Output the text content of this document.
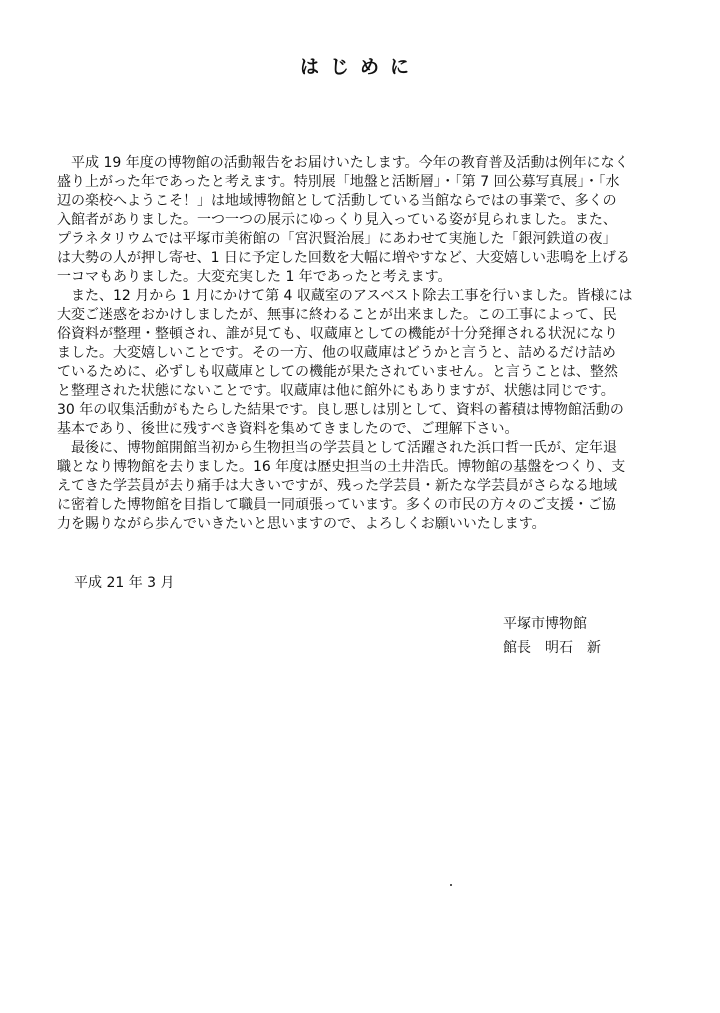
はじめに

　平成 19 年度の博物館の活動報告をお届けいたします。今年の教育普及活動は例年になく
盛り上がった年であったと考えます。特別展「地盤と活断層」・「第 7 回公募写真展」・「水
辺の楽校へようこそ！」は地域博物館として活動している当館ならではの事業で、多くの
入館者がありました。一つ一つの展示にゆっくり見入っている姿が見られました。また、
プラネタリウムでは平塚市美術館の「宮沢賢治展」にあわせて実施した「銀河鉄道の夜」
は大勢の人が押し寄せ、1 日に予定した回数を大幅に増やすなど、大変嬉しい悲鳴を上げる
一コマもありました。大変充実した 1 年であったと考えます。

　また、12 月から 1 月にかけて第 4 収蔵室のアスベスト除去工事を行いました。皆様には
大変ご迷惑をおかけしましたが、無事に終わることが出来ました。この工事によって、民
俗資料が整理・整頓され、誰が見ても、収蔵庫としての機能が十分発揮される状況になり
ました。大変嬉しいことです。その一方、他の収蔵庫はどうかと言うと、詰めるだけ詰め
ているために、必ずしも収蔵庫としての機能が果たされていません。と言うことは、整然
と整理された状態にないことです。収蔵庫は他に館外にもありますが、状態は同じです。
30 年の収集活動がもたらした結果です。良し悪しは別として、資料の蓄積は博物館活動の
基本であり、後世に残すべき資料を集めてきましたので、ご理解下さい。

　最後に、博物館開館当初から生物担当の学芸員として活躍された浜口哲一氏が、定年退
職となり博物館を去りました。16 年度は歴史担当の土井浩氏。博物館の基盤をつくり、支
えてきた学芸員が去り痛手は大きいですが、残った学芸員・新たな学芸員がさらなる地域
に密着した博物館を目指して職員一同頑張っています。多くの市民の方々のご支援・ご協
力を賜りながら歩んでいきたいと思いますので、よろしくお願いいたします。

平成 21 年 3 月
平塚市博物館
館長　明石　新
